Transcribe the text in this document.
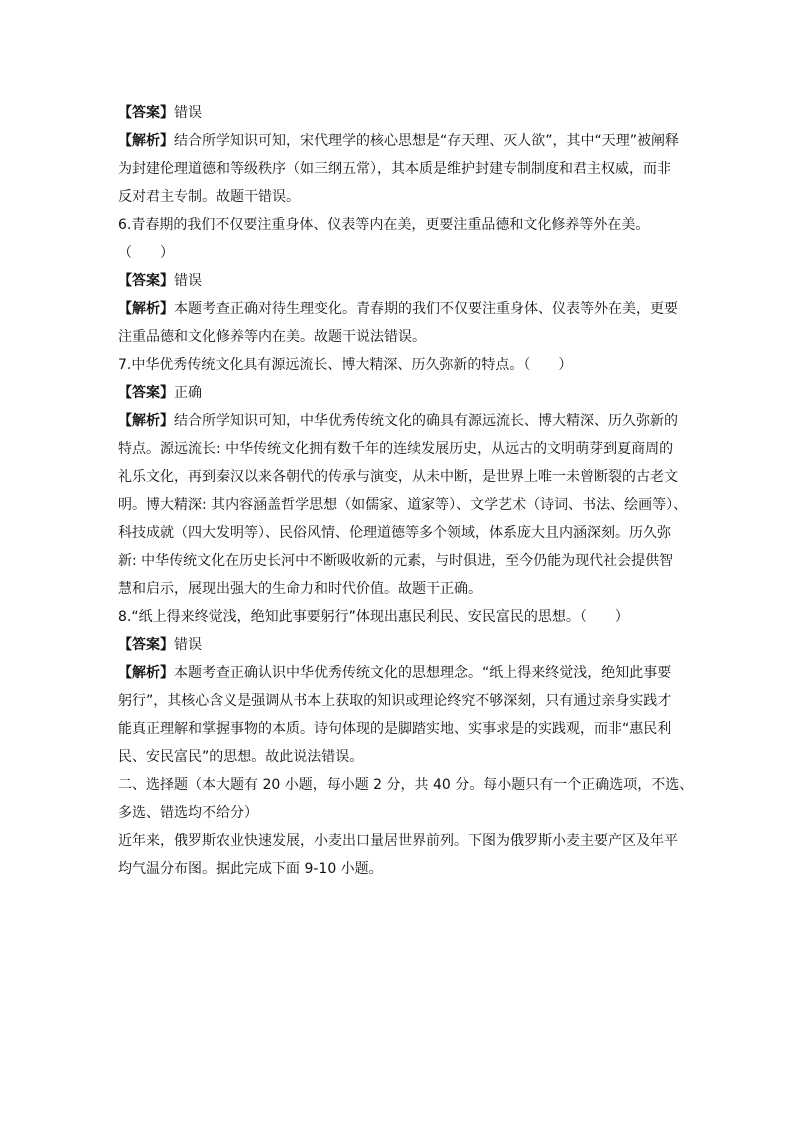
【答案】错误
【解析】结合所学知识可知，宋代理学的核心思想是“存天理、灭人欲”，其中“天理”被阐释
为封建伦理道德和等级秩序（如三纲五常），其本质是维护封建专制制度和君主权威，而非
反对君主专制。故题干错误。
6.青春期的我们不仅要注重身体、仪表等内在美，更要注重品德和文化修养等外在美。
（　　）
【答案】错误
【解析】本题考查正确对待生理变化。青春期的我们不仅要注重身体、仪表等外在美，更要
注重品德和文化修养等内在美。故题干说法错误。
7.中华优秀传统文化具有源远流长、博大精深、历久弥新的特点。（　　）
【答案】正确
【解析】结合所学知识可知，中华优秀传统文化的确具有源远流长、博大精深、历久弥新的
特点。源远流长: 中华传统文化拥有数千年的连续发展历史，从远古的文明萌芽到夏商周的
礼乐文化，再到秦汉以来各朝代的传承与演变，从未中断，是世界上唯一未曾断裂的古老文
明。博大精深: 其内容涵盖哲学思想（如儒家、道家等）、文学艺术（诗词、书法、绘画等）、
科技成就（四大发明等）、民俗风情、伦理道德等多个领域，体系庞大且内涵深刻。历久弥
新: 中华传统文化在历史长河中不断吸收新的元素，与时俱进，至今仍能为现代社会提供智
慧和启示，展现出强大的生命力和时代价值。故题干正确。
8.“纸上得来终觉浅，绝知此事要躬行”体现出惠民利民、安民富民的思想。（　　）
【答案】错误
【解析】本题考查正确认识中华优秀传统文化的思想理念。“纸上得来终觉浅，绝知此事要
躬行”，其核心含义是强调从书本上获取的知识或理论终究不够深刻，只有通过亲身实践才
能真正理解和掌握事物的本质。诗句体现的是脚踏实地、实事求是的实践观，而非“惠民利
民、安民富民”的思想。故此说法错误。
二、选择题（本大题有 20 小题，每小题 2 分，共 40 分。每小题只有一个正确选项，不选、
多选、错选均不给分）
近年来，俄罗斯农业快速发展，小麦出口量居世界前列。下图为俄罗斯小麦主要产区及年平
均气温分布图。据此完成下面 9-10 小题。
